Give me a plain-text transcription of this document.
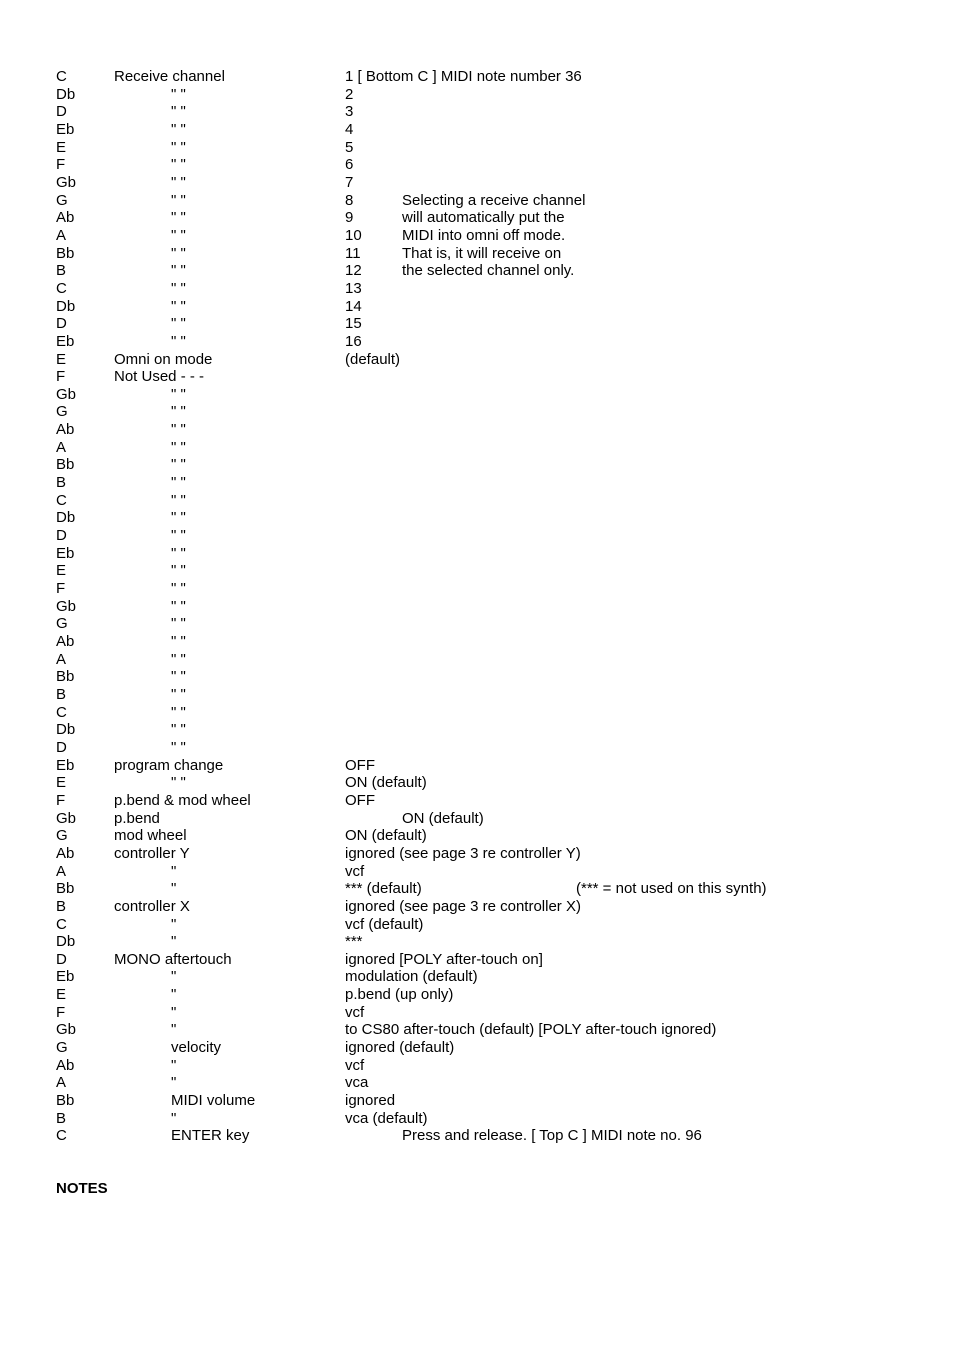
C	Receive channel	1 [ Bottom C ] MIDI note number 36
Db	" "	2
D	" "	3
Eb	" "	4
E	" "	5
F	" "	6
Gb	" "	7
G	" "	8	Selecting a receive channel
Ab	" "	9	will automatically put the
A	" "	10	MIDI into omni off mode.
Bb	" "	11	That is, it will receive on
B	" "	12	the selected channel only.
C	" "	13
Db	" "	14
D	" "	15
Eb	" "	16
E	Omni on mode	(default)
F	Not Used - - -
Gb	" "
G	" "
Ab	" "
A	" "
Bb	" "
B	" "
C	" "
Db	" "
D	" "
Eb	" "
E	" "
F	" "
Gb	" "
G	" "
Ab	" "
A	" "
Bb	" "
B	" "
C	" "
Db	" "
D	" "
Eb	program change	OFF
E	" "	ON (default)
F	p.bend & mod wheel	OFF
Gb	p.bend	ON (default)
G	mod wheel	ON (default)
Ab	controller Y	ignored (see page 3 re controller Y)
A	"	vcf
Bb	"	*** (default)	(*** = not used on this synth)
B	controller X	ignored (see page 3 re controller X)
C	"	vcf (default)
Db	"	***
D	MONO aftertouch	ignored [POLY after-touch on]
Eb	"	modulation (default)
E	"	p.bend (up only)
F	"	vcf
Gb	"	to CS80 after-touch (default) [POLY after-touch ignored)
G	velocity	ignored (default)
Ab	"	vcf
A	"	vca
Bb	MIDI volume	ignored
B	"	vca (default)
C	ENTER key	Press and release. [ Top C ] MIDI note no. 96
NOTES
